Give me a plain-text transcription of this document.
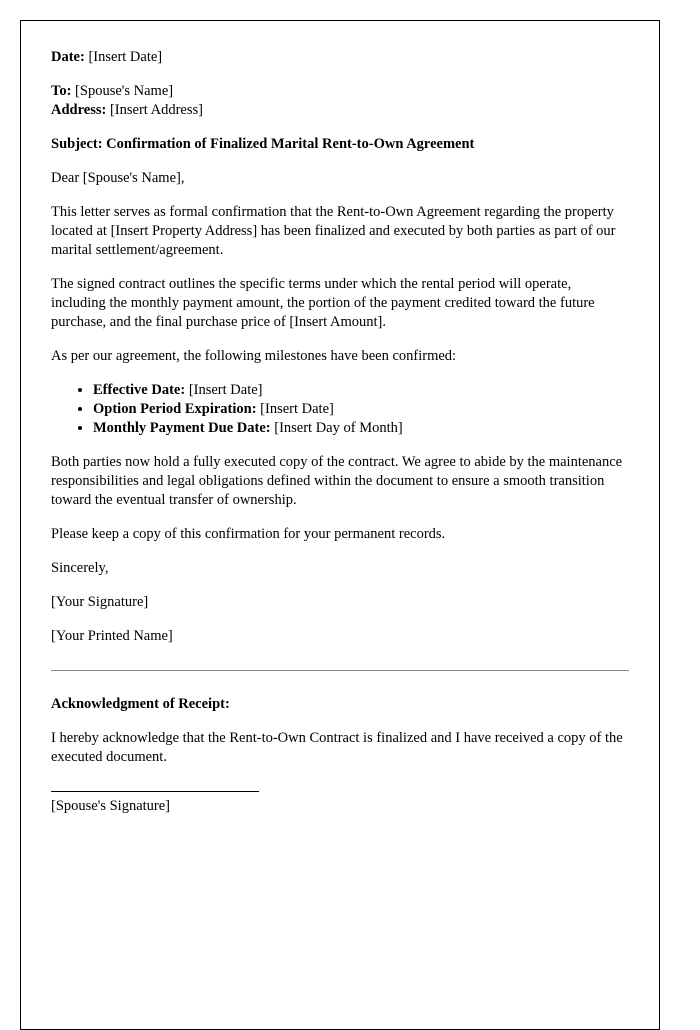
Date: [Insert Date]

To: [Spouse's Name]
Address: [Insert Address]

Subject: Confirmation of Finalized Marital Rent-to-Own Agreement

Dear [Spouse's Name],

This letter serves as formal confirmation that the Rent-to-Own Agreement regarding the property located at [Insert Property Address] has been finalized and executed by both parties as part of our marital settlement/agreement.

The signed contract outlines the specific terms under which the rental period will operate, including the monthly payment amount, the portion of the payment credited toward the future purchase, and the final purchase price of [Insert Amount].

As per our agreement, the following milestones have been confirmed:

• Effective Date: [Insert Date]
• Option Period Expiration: [Insert Date]
• Monthly Payment Due Date: [Insert Day of Month]

Both parties now hold a fully executed copy of the contract. We agree to abide by the maintenance responsibilities and legal obligations defined within the document to ensure a smooth transition toward the eventual transfer of ownership.

Please keep a copy of this confirmation for your permanent records.

Sincerely,

[Your Signature]

[Your Printed Name]

Acknowledgment of Receipt:

I hereby acknowledge that the Rent-to-Own Contract is finalized and I have received a copy of the executed document.

[Spouse's Signature]
